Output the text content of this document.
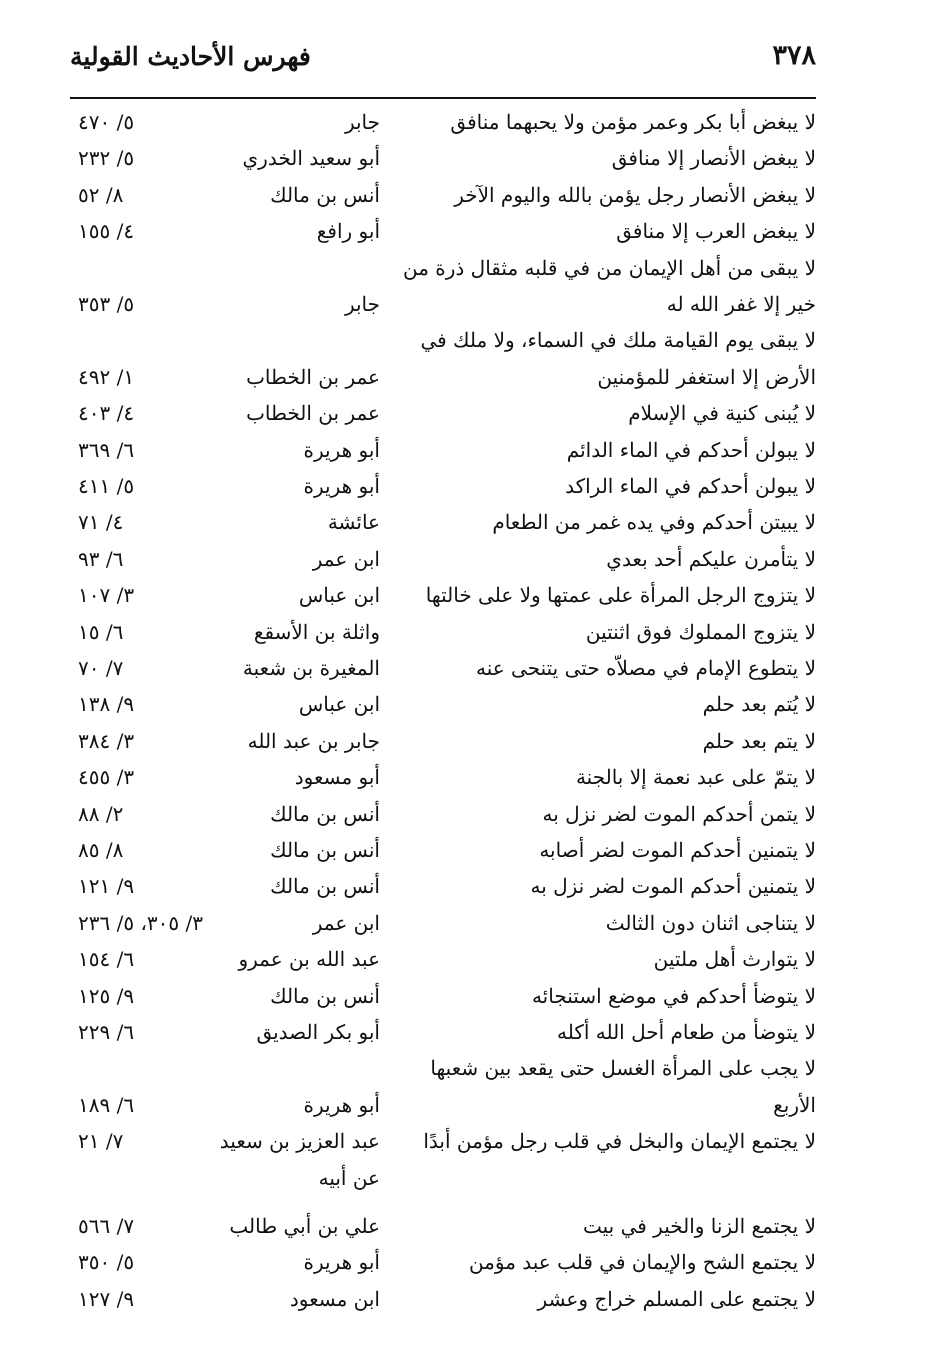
٣٧٨
فهرس الأحاديث القولية
لا يبغض أبا بكر وعمر مؤمن ولا يحبهما منافق
جابر
٥/ ٤٧٠
لا يبغض الأنصار إلا منافق
أبو سعيد الخدري
٥/ ٢٣٢
لا يبغض الأنصار رجل يؤمن بالله واليوم الآخر
أنس بن مالك
٨/ ٥٢
لا يبغض العرب إلا منافق
أبو رافع
٤/ ١٥٥
لا يبقى من أهل الإيمان من في قلبه مثقال ذرة من
خير إلا غفر الله له
جابر
٥/ ٣٥٣
لا يبقى يوم القيامة ملك في السماء، ولا ملك في
الأرض إلا استغفر للمؤمنين
عمر بن الخطاب
١/ ٤٩٢
لا يُبنى كنية في الإسلام
عمر بن الخطاب
٤/ ٤٠٣
لا يبولن أحدكم في الماء الدائم
أبو هريرة
٦/ ٣٦٩
لا يبولن أحدكم في الماء الراكد
أبو هريرة
٥/ ٤١١
لا يبيتن أحدكم وفي يده غمر من الطعام
عائشة
٤/ ٧١
لا يتأمرن عليكم أحد بعدي
ابن عمر
٦/ ٩٣
لا يتزوج الرجل المرأة على عمتها ولا على خالتها
ابن عباس
٣/ ١٠٧
لا يتزوج المملوك فوق اثنتين
واثلة بن الأسقع
٦/ ١٥
لا يتطوع الإمام في مصلاّه حتى يتنحى عنه
المغيرة بن شعبة
٧/ ٧٠
لا يُتم بعد حلم
ابن عباس
٩/ ١٣٨
لا يتم بعد حلم
جابر بن عبد الله
٣/ ٣٨٤
لا يتمّ على عبد نعمة إلا بالجنة
أبو مسعود
٣/ ٤٥٥
لا يتمن أحدكم الموت لضر نزل به
أنس بن مالك
٢/ ٨٨
لا يتمنين أحدكم الموت لضر أصابه
أنس بن مالك
٨/ ٨٥
لا يتمنين أحدكم الموت لضر نزل به
أنس بن مالك
٩/ ١٢١
لا يتناجى اثنان دون الثالث
ابن عمر
٣/ ٣٠٥، ٥/ ٢٣٦
لا يتوارث أهل ملتين
عبد الله بن عمرو
٦/ ١٥٤
لا يتوضأ أحدكم في موضع استنجائه
أنس بن مالك
٩/ ١٢٥
لا يتوضأ من طعام أحل الله أكله
أبو بكر الصديق
٦/ ٢٢٩
لا يجب على المرأة الغسل حتى يقعد بين شعبها
الأربع
أبو هريرة
٦/ ١٨٩
لا يجتمع الإيمان والبخل في قلب رجل مؤمن أبدًا
عبد العزيز بن سعيد
عن أبيه
٧/ ٢١
لا يجتمع الزنا والخير في بيت
علي بن أبي طالب
٧/ ٥٦٦
لا يجتمع الشح والإيمان في قلب عبد مؤمن
أبو هريرة
٥/ ٣٥٠
لا يجتمع على المسلم خراج وعشر
ابن مسعود
٩/ ١٢٧
